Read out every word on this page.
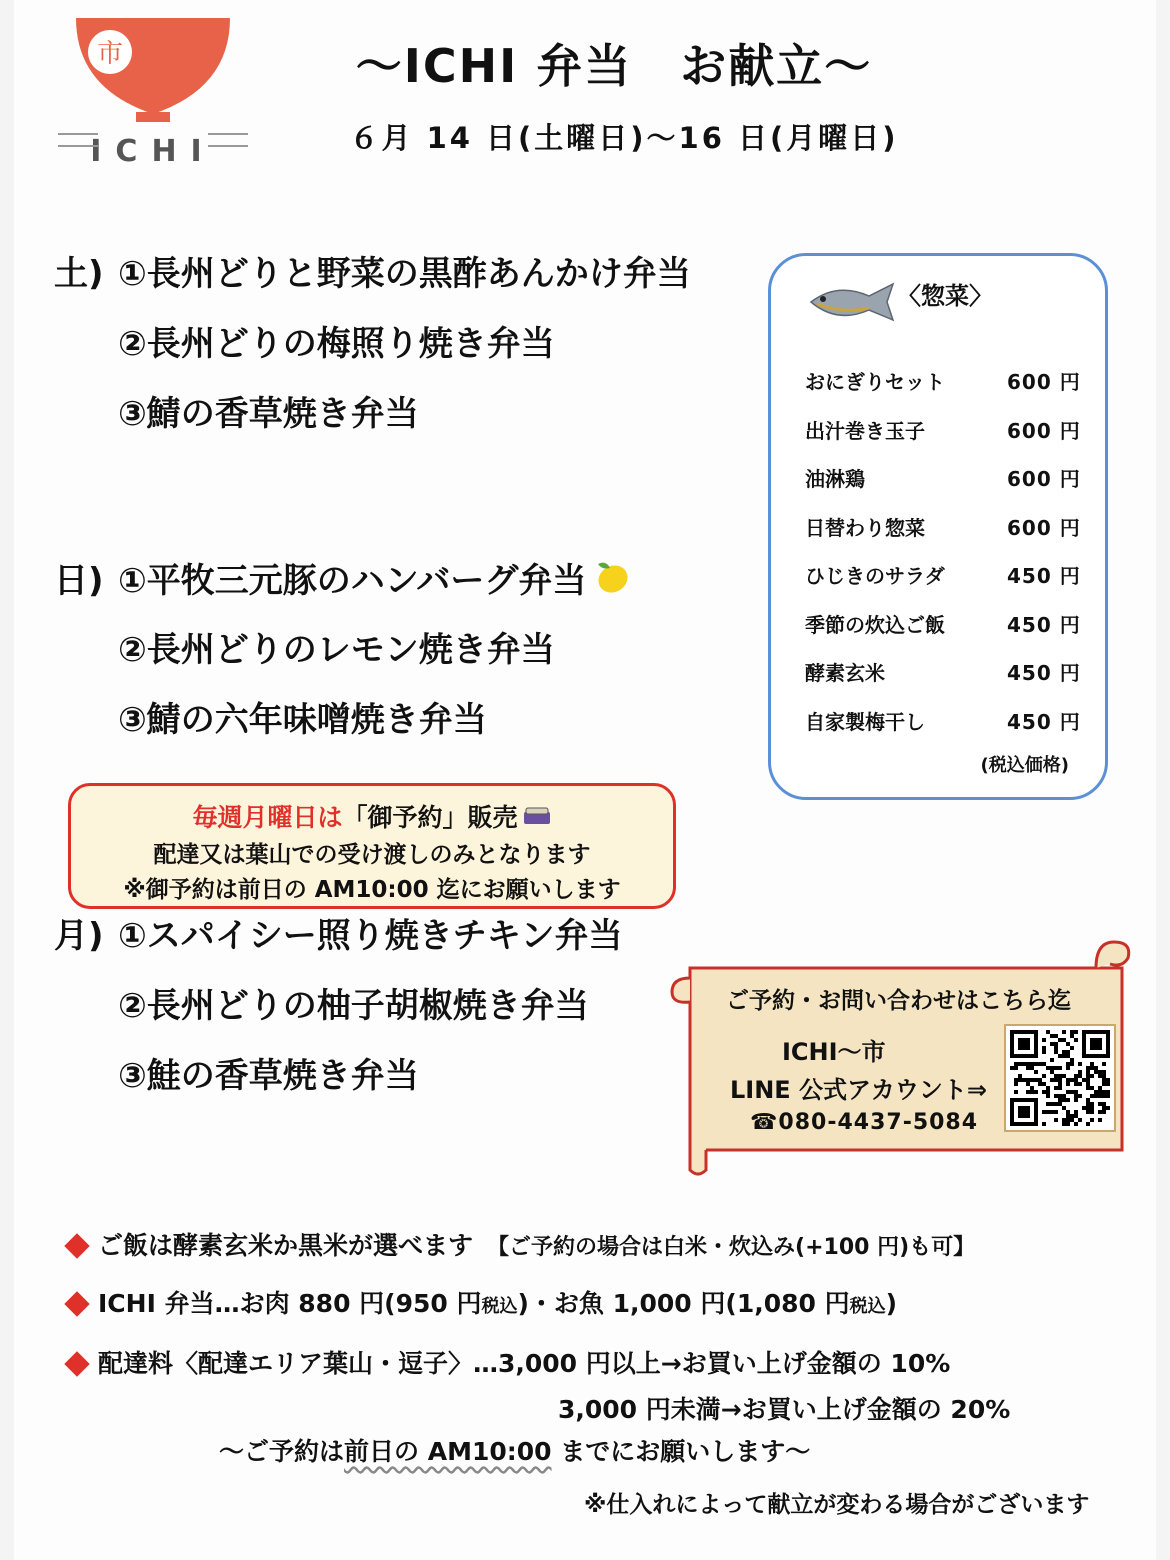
市
ICHI
～ICHI 弁当　お献立～
６月 14 日(土曜日)～16 日(月曜日)
土) ①長州どりと野菜の黒酢あんかけ弁当
②長州どりの梅照り焼き弁当
③鯖の香草焼き弁当
日) ①平牧三元豚のハンバーグ弁当
②長州どりのレモン焼き弁当
③鯖の六年味噌焼き弁当
〈惣菜〉
おにぎりセット	600 円
出汁巻き玉子	600 円
油淋鶏	600 円
日替わり惣菜	600 円
ひじきのサラダ	450 円
季節の炊込ご飯	450 円
酵素玄米	450 円
自家製梅干し	450 円
(税込価格)
毎週月曜日は「御予約」販売
配達又は葉山での受け渡しのみとなります
※御予約は前日の AM10:00 迄にお願いします
月) ①スパイシー照り焼きチキン弁当
②長州どりの柚子胡椒焼き弁当
③鮭の香草焼き弁当
ご予約・お問い合わせはこちら迄
ICHI～市
LINE 公式アカウント⇒
☎080-4437-5084
ご飯は酵素玄米か黒米が選べます 【ご予約の場合は白米・炊込み(+100 円)も可】
ICHI 弁当…お肉 880 円(950 円税込)・お魚 1,000 円(1,080 円税込)
配達料〈配達エリア葉山・逗子〉…3,000 円以上→お買い上げ金額の 10%
3,000 円未満→お買い上げ金額の 20%
～ご予約は前日の AM10:00 までにお願いします～
※仕入れによって献立が変わる場合がございます
